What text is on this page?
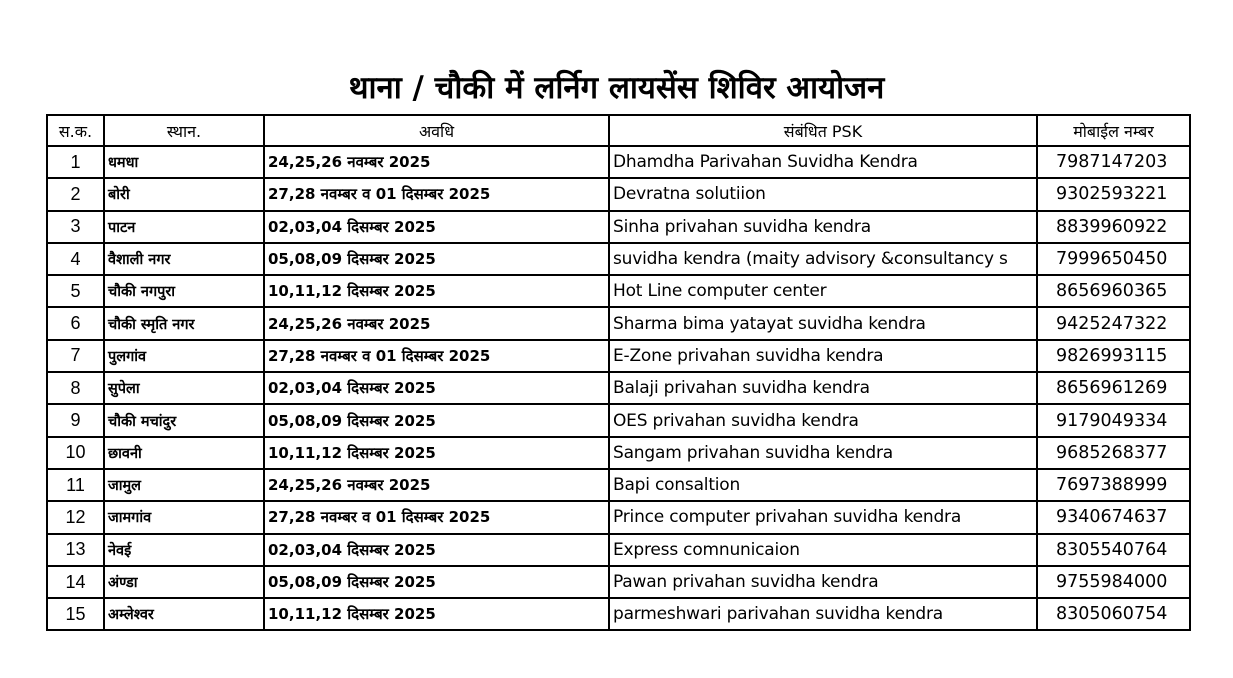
थाना / चौकी में लर्निग लायसेंस शिविर आयोजन
स.क.	स्थान.	अवधि	संबंधित PSK	मोबाईल नम्बर
1	धमधा	24,25,26 नवम्बर 2025	Dhamdha Parivahan Suvidha Kendra	7987147203
2	बोरी	27,28 नवम्बर व 01 दिसम्बर 2025	Devratna solutiion	9302593221
3	पाटन	02,03,04 दिसम्बर 2025	Sinha privahan suvidha kendra	8839960922
4	वैशाली नगर	05,08,09 दिसम्बर 2025	suvidha kendra (maity advisory &consultancy s	7999650450
5	चौकी नगपुरा	10,11,12 दिसम्बर 2025	Hot Line computer center	8656960365
6	चौकी स्मृति नगर	24,25,26 नवम्बर 2025	Sharma bima yatayat suvidha kendra	9425247322
7	पुलगांव	27,28 नवम्बर व 01 दिसम्बर 2025	E-Zone privahan suvidha kendra	9826993115
8	सुपेला	02,03,04 दिसम्बर 2025	Balaji privahan suvidha kendra	8656961269
9	चौकी मचांदुर	05,08,09 दिसम्बर 2025	OES privahan suvidha kendra	9179049334
10	छावनी	10,11,12 दिसम्बर 2025	Sangam privahan suvidha kendra	9685268377
11	जामुल	24,25,26 नवम्बर 2025	Bapi consaltion	7697388999
12	जामगांव	27,28 नवम्बर व 01 दिसम्बर 2025	Prince computer privahan suvidha kendra	9340674637
13	नेवई	02,03,04 दिसम्बर 2025	Express comnunicaion	8305540764
14	अंण्डा	05,08,09 दिसम्बर 2025	Pawan privahan suvidha kendra	9755984000
15	अम्लेश्वर	10,11,12 दिसम्बर 2025	parmeshwari parivahan suvidha kendra	8305060754
